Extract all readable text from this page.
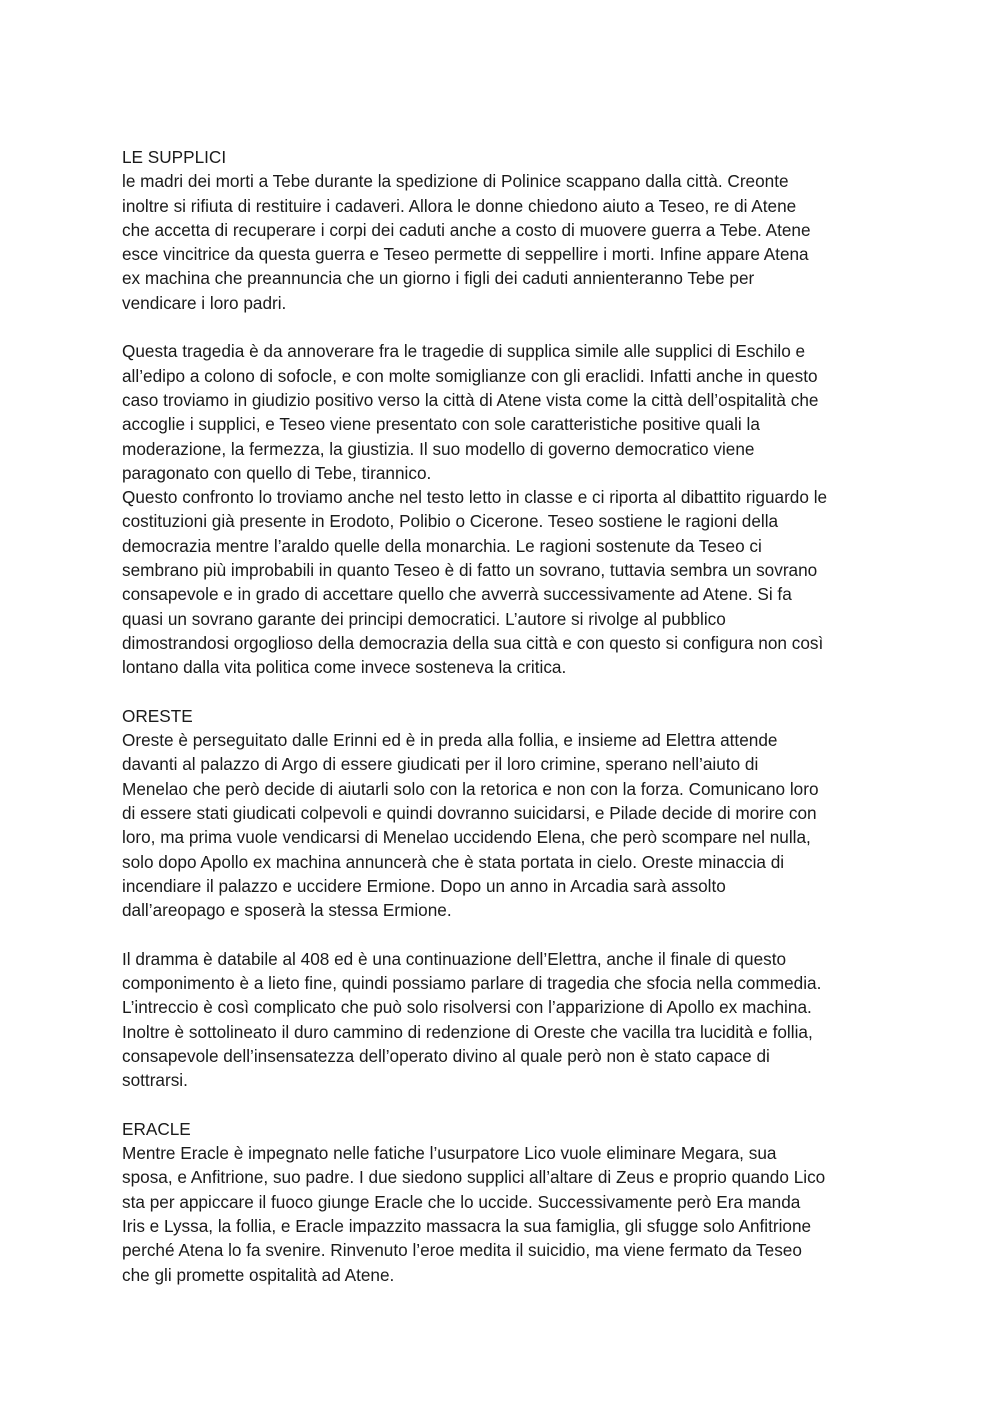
LE SUPPLICI
le madri dei morti a Tebe durante la spedizione di Polinice scappano dalla città. Creonte
inoltre si rifiuta di restituire i cadaveri. Allora le donne chiedono aiuto a Teseo, re di Atene
che accetta di recuperare i corpi dei caduti anche a costo di muovere guerra a Tebe. Atene
esce vincitrice da questa guerra e Teseo permette di seppellire i morti. Infine appare Atena
ex machina che preannuncia che un giorno i figli dei caduti annienteranno Tebe per
vendicare i loro padri.
Questa tragedia è da annoverare fra le tragedie di supplica simile alle supplici di Eschilo e
all’edipo a colono di sofocle, e con molte somiglianze con gli eraclidi. Infatti anche in questo
caso troviamo in giudizio positivo verso la città di Atene vista come la città dell’ospitalità che
accoglie i supplici, e Teseo viene presentato con sole caratteristiche positive quali la
moderazione, la fermezza, la giustizia. Il suo modello di governo democratico viene
paragonato con quello di Tebe, tirannico.
Questo confronto lo troviamo anche nel testo letto in classe e ci riporta al dibattito riguardo le
costituzioni già presente in Erodoto, Polibio o Cicerone. Teseo sostiene le ragioni della
democrazia mentre l’araldo quelle della monarchia. Le ragioni sostenute da Teseo ci
sembrano più improbabili in quanto Teseo è di fatto un sovrano, tuttavia sembra un sovrano
consapevole e in grado di accettare quello che avverrà successivamente ad Atene. Si fa
quasi un sovrano garante dei principi democratici. L’autore si rivolge al pubblico
dimostrandosi orgoglioso della democrazia della sua città e con questo si configura non così
lontano dalla vita politica come invece sosteneva la critica.
ORESTE
Oreste è perseguitato dalle Erinni ed è in preda alla follia, e insieme ad Elettra attende
davanti al palazzo di Argo di essere giudicati per il loro crimine, sperano nell’aiuto di
Menelao che però decide di aiutarli solo con la retorica e non con la forza. Comunicano loro
di essere stati giudicati colpevoli e quindi dovranno suicidarsi, e Pilade decide di morire con
loro, ma prima vuole vendicarsi di Menelao uccidendo Elena, che però scompare nel nulla,
solo dopo Apollo ex machina annuncerà che è stata portata in cielo. Oreste minaccia di
incendiare il palazzo e uccidere Ermione. Dopo un anno in Arcadia sarà assolto
dall’areopago e sposerà la stessa Ermione.
Il dramma è databile al 408 ed è una continuazione dell’Elettra, anche il finale di questo
componimento è a lieto fine, quindi possiamo parlare di tragedia che sfocia nella commedia.
L’intreccio è così complicato che può solo risolversi con l’apparizione di Apollo ex machina.
Inoltre è sottolineato il duro cammino di redenzione di Oreste che vacilla tra lucidità e follia,
consapevole dell’insensatezza dell’operato divino al quale però non è stato capace di
sottrarsi.
ERACLE
Mentre Eracle è impegnato nelle fatiche l’usurpatore Lico vuole eliminare Megara, sua
sposa, e Anfitrione, suo padre. I due siedono supplici all’altare di Zeus e proprio quando Lico
sta per appiccare il fuoco giunge Eracle che lo uccide. Successivamente però Era manda
Iris e Lyssa, la follia, e Eracle impazzito massacra la sua famiglia, gli sfugge solo Anfitrione
perché Atena lo fa svenire. Rinvenuto l’eroe medita il suicidio, ma viene fermato da Teseo
che gli promette ospitalità ad Atene.
